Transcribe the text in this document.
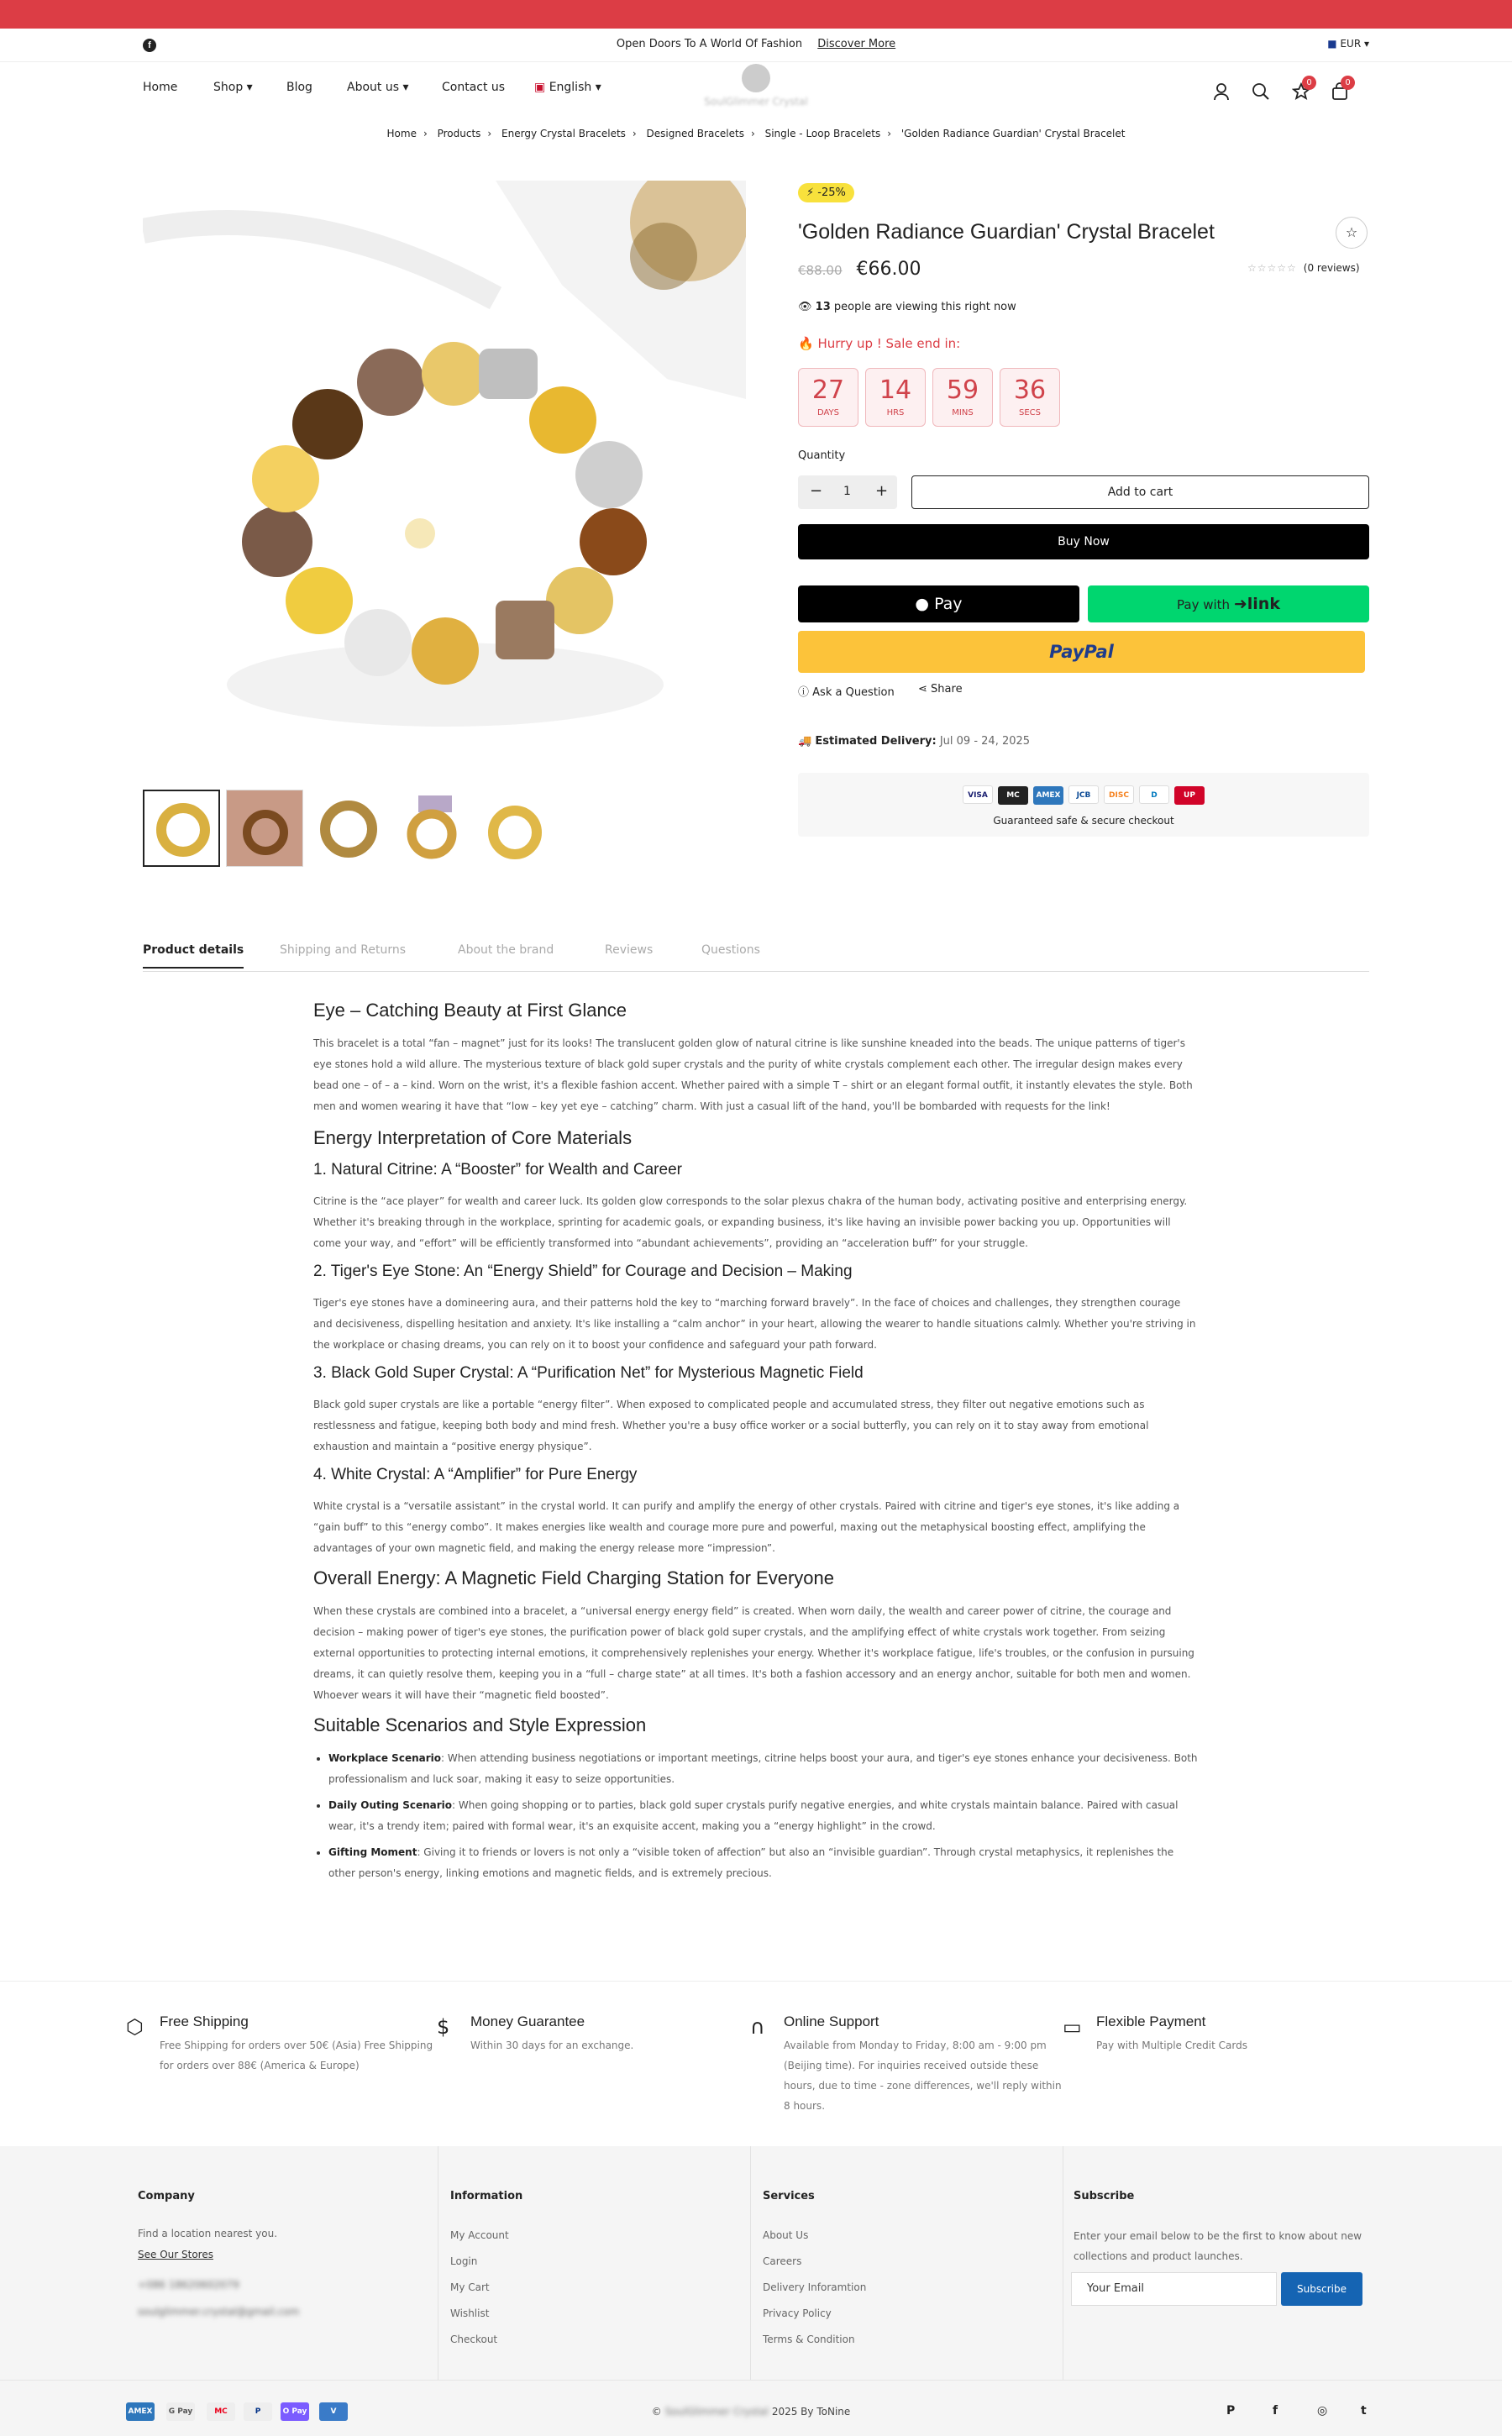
f	Open Doors To A World Of Fashion Discover More	■ EUR ▾
Home	Shop ▾	Blog	About us ▾	Contact us ▣ English ▾
SoulGlimmer Crystal
0	0
Home › Products › Energy Crystal Bracelets › Designed Bracelets › Single - Loop Bracelets › 'Golden Radiance Guardian' Crystal Bracelet
⚡ -25%
'Golden Radiance Guardian' Crystal Bracelet	☆
€88.00 €66.00	☆☆☆☆☆ (0 reviews)
👁 13 people are viewing this right now
🔥 Hurry up ! Sale end in:
27
DAYS
14
HRS
59
MINS
36
SECS
Quantity
− 1 +	Add to cart
Buy Now
● Pay	Pay with ➜link
PayPal
ⓘ Ask a Question ⋖ Share
🚚 Estimated Delivery: Jul 09 - 24, 2025
VISA MC AMEX JCB DISC	D	UP
Guaranteed safe & secure checkout
Product details	Shipping and Returns	About the brand	Reviews	Questions
Eye – Catching Beauty at First Glance

This bracelet is a total “fan – magnet” just for its looks! The translucent golden glow of natural citrine is like sunshine kneaded into the beads. The unique patterns of tiger's eye stones hold a wild allure. The mysterious texture of black gold super crystals and the purity of white crystals complement each other. The irregular design makes every bead one – of – a – kind. Worn on the wrist, it's a flexible fashion accent. Whether paired with a simple T – shirt or an elegant formal outfit, it instantly elevates the style. Both men and women wearing it have that “low – key yet eye – catching” charm. With just a casual lift of the hand, you'll be bombarded with requests for the link!

Energy Interpretation of Core Materials
1. Natural Citrine: A “Booster” for Wealth and Career

Citrine is the “ace player” for wealth and career luck. Its golden glow corresponds to the solar plexus chakra of the human body, activating positive and enterprising energy. Whether it's breaking through in the workplace, sprinting for academic goals, or expanding business, it's like having an invisible power backing you up. Opportunities will come your way, and “effort” will be efficiently transformed into “abundant achievements”, providing an “acceleration buff” for your struggle.

2. Tiger's Eye Stone: An “Energy Shield” for Courage and Decision – Making

Tiger's eye stones have a domineering aura, and their patterns hold the key to “marching forward bravely”. In the face of choices and challenges, they strengthen courage and decisiveness, dispelling hesitation and anxiety. It's like installing a “calm anchor” in your heart, allowing the wearer to handle situations calmly. Whether you're striving in the workplace or chasing dreams, you can rely on it to boost your confidence and safeguard your path forward.

3. Black Gold Super Crystal: A “Purification Net” for Mysterious Magnetic Field

Black gold super crystals are like a portable “energy filter”. When exposed to complicated people and accumulated stress, they filter out negative emotions such as restlessness and fatigue, keeping both body and mind fresh. Whether you're a busy office worker or a social butterfly, you can rely on it to stay away from emotional exhaustion and maintain a “positive energy physique”.

4. White Crystal: A “Amplifier” for Pure Energy

White crystal is a “versatile assistant” in the crystal world. It can purify and amplify the energy of other crystals. Paired with citrine and tiger's eye stones, it's like adding a “gain buff” to this “energy combo”. It makes energies like wealth and courage more pure and powerful, maxing out the metaphysical boosting effect, amplifying the advantages of your own magnetic field, and making the energy release more “impression”.

Overall Energy: A Magnetic Field Charging Station for Everyone

When these crystals are combined into a bracelet, a “universal energy energy field” is created. When worn daily, the wealth and career power of citrine, the courage and decision – making power of tiger's eye stones, the purification power of black gold super crystals, and the amplifying effect of white crystals work together. From seizing external opportunities to protecting internal emotions, it comprehensively replenishes your energy. Whether it's workplace fatigue, life's troubles, or the confusion in pursuing dreams, it can quietly resolve them, keeping you in a “full – charge state” at all times. It's both a fashion accessory and an energy anchor, suitable for both men and women. Whoever wears it will have their “magnetic field boosted”.

Suitable Scenarios and Style Expression
Workplace Scenario: When attending business negotiations or important meetings, citrine helps boost your aura, and tiger's eye stones enhance your decisiveness. Both professionalism and luck soar, making it easy to seize opportunities.
Daily Outing Scenario: When going shopping or to parties, black gold super crystals purify negative energies, and white crystals maintain balance. Paired with casual wear, it's a trendy item; paired with formal wear, it's an exquisite accent, making you a “energy highlight” in the crowd.
Gifting Moment: Giving it to friends or lovers is not only a “visible token of affection” but also an “invisible guardian”. Through crystal metaphysics, it replenishes the other person's energy, linking emotions and magnetic fields, and is extremely precious.
⬡ Free Shipping

Free Shipping for orders over 50€ (Asia) Free Shipping for orders over 88€ (America & Europe)

$ Money Guarantee

Within 30 days for an exchange.

∩ Online Support

Available from Monday to Friday, 8:00 am - 9:00 pm (Beijing time). For inquiries received outside these hours, due to time - zone differences, we'll reply within 8 hours.

▭ Flexible Payment

Pay with Multiple Credit Cards

Company
Find a location nearest you.
See Our Stores
+086 18620602079
soulglimmer.crystal@gmail.com
Information
My Account
Login
My Cart
Wishlist
Checkout
Services
About Us
Careers
Delivery Inforamtion
Privacy Policy
Terms & Condition
Subscribe
Enter your email below to be the first to know about new collections and product launches.
Your Email	Subscribe
AMEX	G Pay	MC	P	O Pay	V	© SoulGlimmer Crystal 2025 By ToNine	P	f	◎	t
